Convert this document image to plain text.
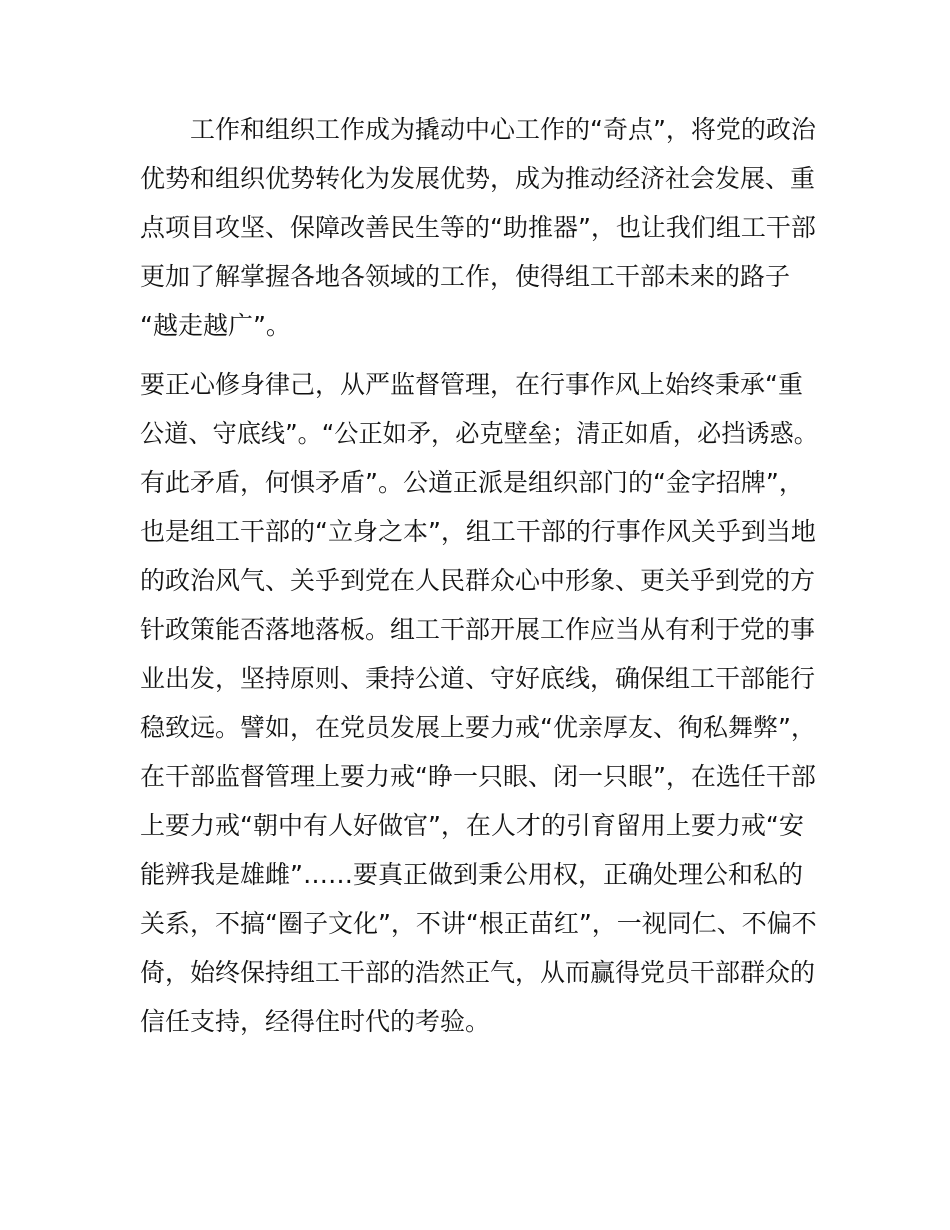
工作和组织工作成为撬动中心工作的“奇点”，将党的政治
优势和组织优势转化为发展优势，成为推动经济社会发展、重
点项目攻坚、保障改善民生等的“助推器”，也让我们组工干部
更加了解掌握各地各领域的工作，使得组工干部未来的路子
“越走越广”。
要正心修身律己，从严监督管理，在行事作风上始终秉承“重
公道、守底线”。“公正如矛，必克壁垒；清正如盾，必挡诱惑。
有此矛盾，何惧矛盾”。公道正派是组织部门的“金字招牌”，
也是组工干部的“立身之本”，组工干部的行事作风关乎到当地
的政治风气、关乎到党在人民群众心中形象、更关乎到党的方
针政策能否落地落板。组工干部开展工作应当从有利于党的事
业出发，坚持原则、秉持公道、守好底线，确保组工干部能行
稳致远。譬如，在党员发展上要力戒“优亲厚友、徇私舞弊”，
在干部监督管理上要力戒“睁一只眼、闭一只眼”，在选任干部
上要力戒“朝中有人好做官”，在人才的引育留用上要力戒“安
能辨我是雄雌”……要真正做到秉公用权，正确处理公和私的
关系，不搞“圈子文化”，不讲“根正苗红”，一视同仁、不偏不
倚，始终保持组工干部的浩然正气，从而赢得党员干部群众的
信任支持，经得住时代的考验。
